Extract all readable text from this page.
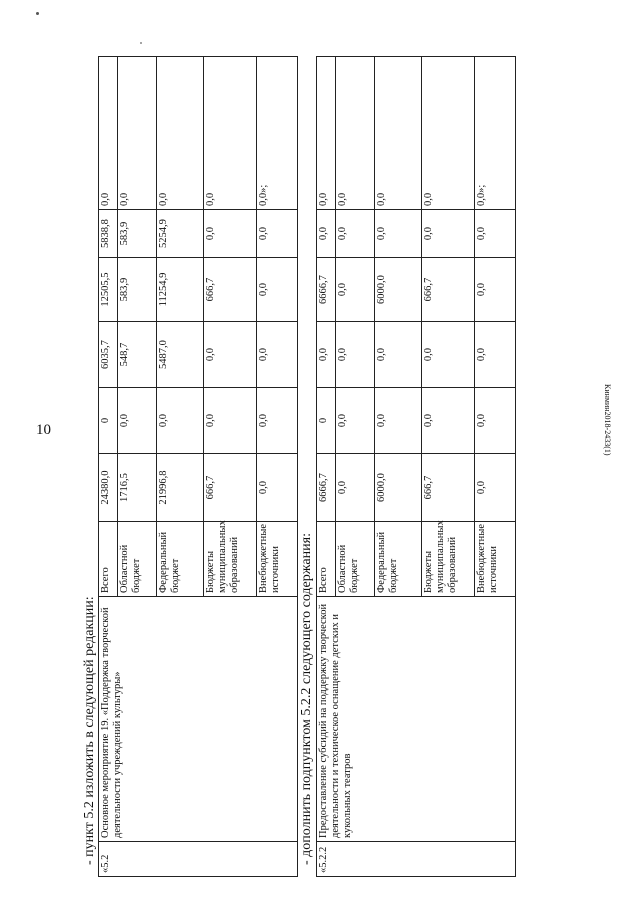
10	Кинмин2018-2433(1)
- пункт 5.2 изложить в следующей редакции: «5.2	Основное мероприятие 19. «Поддержка творческой деятельности учреждений культуры»	Всего	24380,0	0	6035,7	12505,5	5838,8	0,0
		Областной бюджет	1716,5	0,0	548,7	583,9	583,9	0,0
		Федеральный бюджет	21996,8	0,0	5487,0	11254,9	5254,9	0,0
		Бюджеты муниципальных образований	666,7	0,0	0,0	666,7	0,0	0,0
		Внебюджетные источники	0,0	0,0	0,0	0,0	0,0	0,0»;
- дополнить подпунктом 5.2.2 следующего содержания: «5.2.2	Предоставление субсидий на поддержку творческой деятельности и техническое оснащение детских и кукольных театров	Всего	6666,7	0	0,0	6666,7	0,0	0,0
		Областной бюджет	0,0	0,0	0,0	0,0	0,0	0,0
		Федеральный бюджет	6000,0	0,0	0,0	6000,0	0,0	0,0
		Бюджеты муниципальных образований	666,7	0,0	0,0	666,7	0,0	0,0
		Внебюджетные источники	0,0	0,0	0,0	0,0	0,0	0,0»;
